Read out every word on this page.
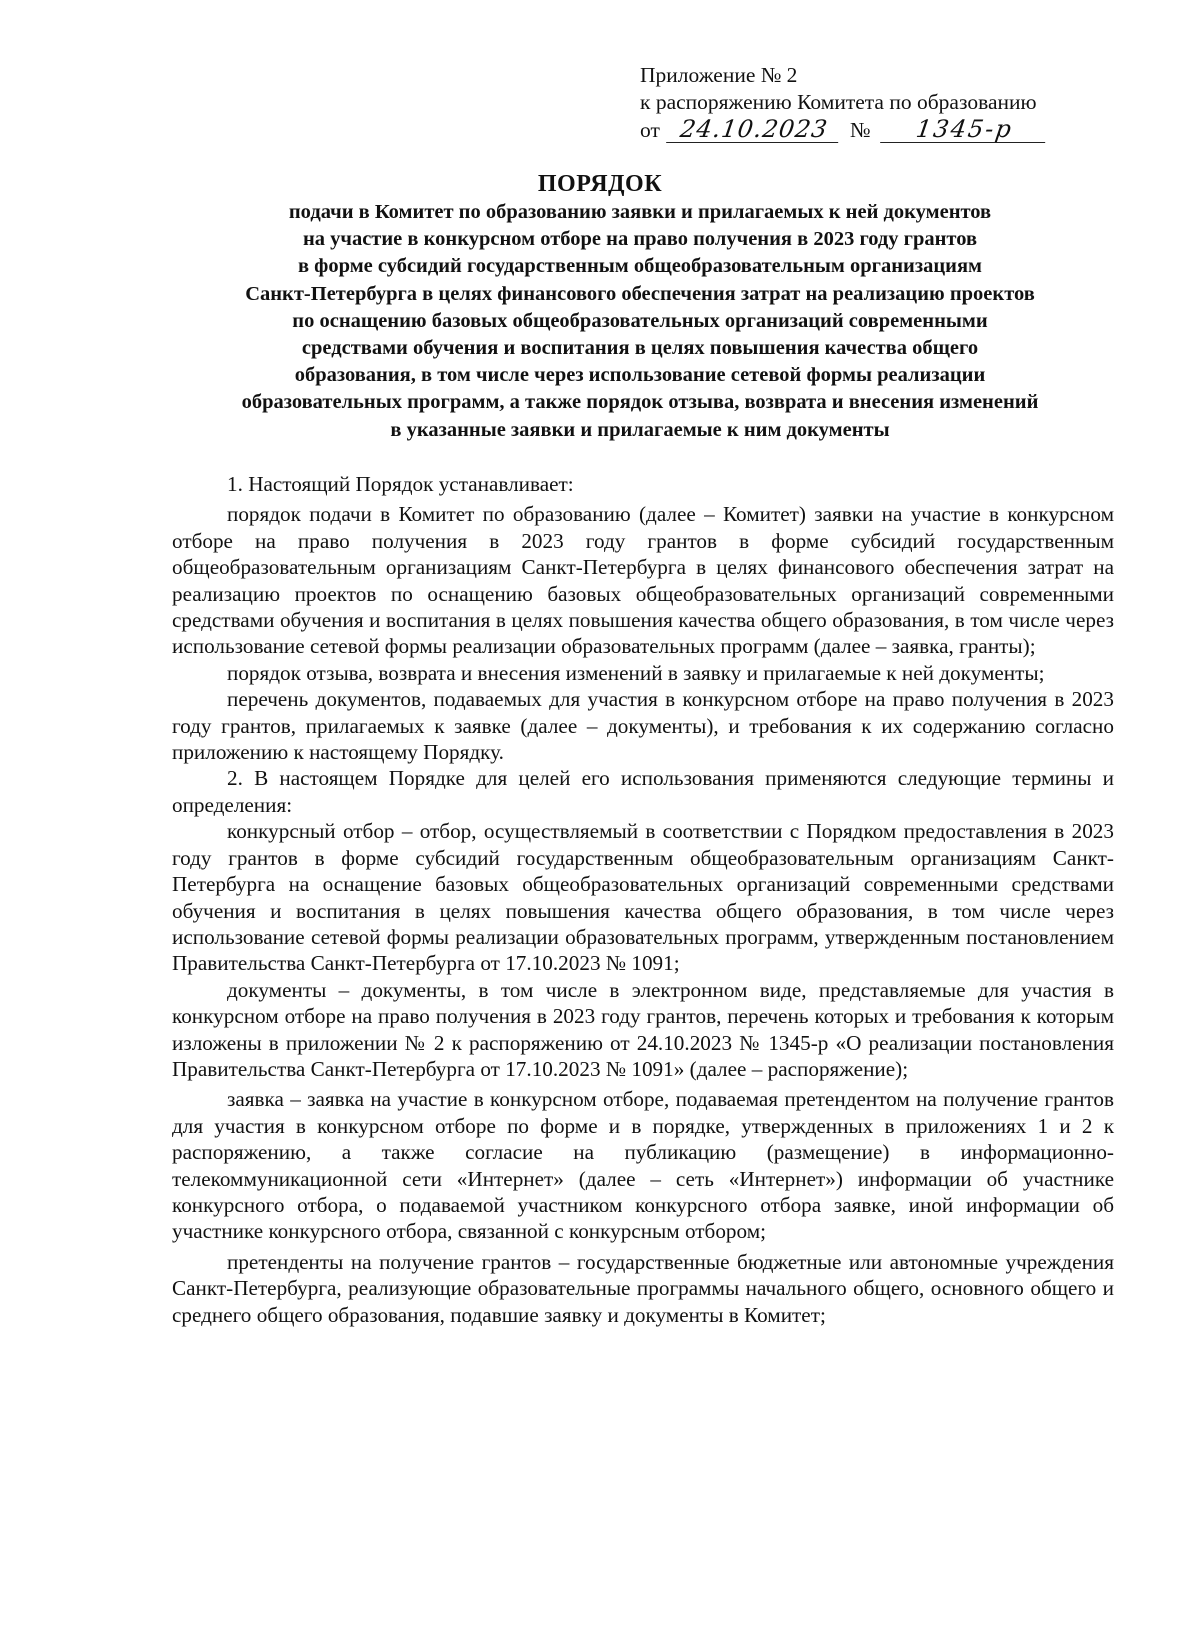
Приложение № 2
к распоряжению Комитета по образованию
от 24.10.2023 №	1345-р
ПОРЯДОК
подачи в Комитет по образованию заявки и прилагаемых к ней документов
на участие в конкурсном отборе на право получения в 2023 году грантов
в форме субсидий государственным общеобразовательным организациям
Санкт-Петербурга в целях финансового обеспечения затрат на реализацию проектов
по оснащению базовых общеобразовательных организаций современными
средствами обучения и воспитания в целях повышения качества общего
образования, в том числе через использование сетевой формы реализации
образовательных программ, а также порядок отзыва, возврата и внесения изменений
в указанные заявки и прилагаемые к ним документы

1. Настоящий Порядок устанавливает:

порядок подачи в Комитет по образованию (далее – Комитет) заявки на участие в конкурсном отборе на право получения в 2023 году грантов в форме субсидий государственным общеобразовательным организациям Санкт-Петербурга в целях финансового обеспечения затрат на реализацию проектов по оснащению базовых общеобразовательных организаций современными средствами обучения и воспитания в целях повышения качества общего образования, в том числе через использование сетевой формы реализации образовательных программ (далее – заявка, гранты);

порядок отзыва, возврата и внесения изменений в заявку и прилагаемые к ней документы;

перечень документов, подаваемых для участия в конкурсном отборе на право получения в 2023 году грантов, прилагаемых к заявке (далее – документы), и требования к их содержанию согласно приложению к настоящему Порядку.

2. В настоящем Порядке для целей его использования применяются следующие термины и определения:

конкурсный отбор – отбор, осуществляемый в соответствии с Порядком предоставления в 2023 году грантов в форме субсидий государственным общеобразовательным организациям Санкт-Петербурга на оснащение базовых общеобразовательных организаций современными средствами обучения и воспитания в целях повышения качества общего образования, в том числе через использование сетевой формы реализации образовательных программ, утвержденным постановлением Правительства Санкт-Петербурга от 17.10.2023 № 1091;

документы – документы, в том числе в электронном виде, представляемые для участия в конкурсном отборе на право получения в 2023 году грантов, перечень которых и требования к которым изложены в приложении № 2 к распоряжению от 24.10.2023 № 1345-р «О реализации постановления Правительства Санкт-Петербурга от 17.10.2023 № 1091» (далее – распоряжение);

заявка – заявка на участие в конкурсном отборе, подаваемая претендентом на получение грантов для участия в конкурсном отборе по форме и в порядке, утвержденных в приложениях 1 и 2 к распоряжению, а также согласие на публикацию (размещение) в информационно-телекоммуникационной сети «Интернет» (далее – сеть «Интернет») информации об участнике конкурсного отбора, о подаваемой участником конкурсного отбора заявке, иной информации об участнике конкурсного отбора, связанной с конкурсным отбором;

претенденты на получение грантов – государственные бюджетные или автономные учреждения Санкт-Петербурга, реализующие образовательные программы начального общего, основного общего и среднего общего образования, подавшие заявку и документы в Комитет;
